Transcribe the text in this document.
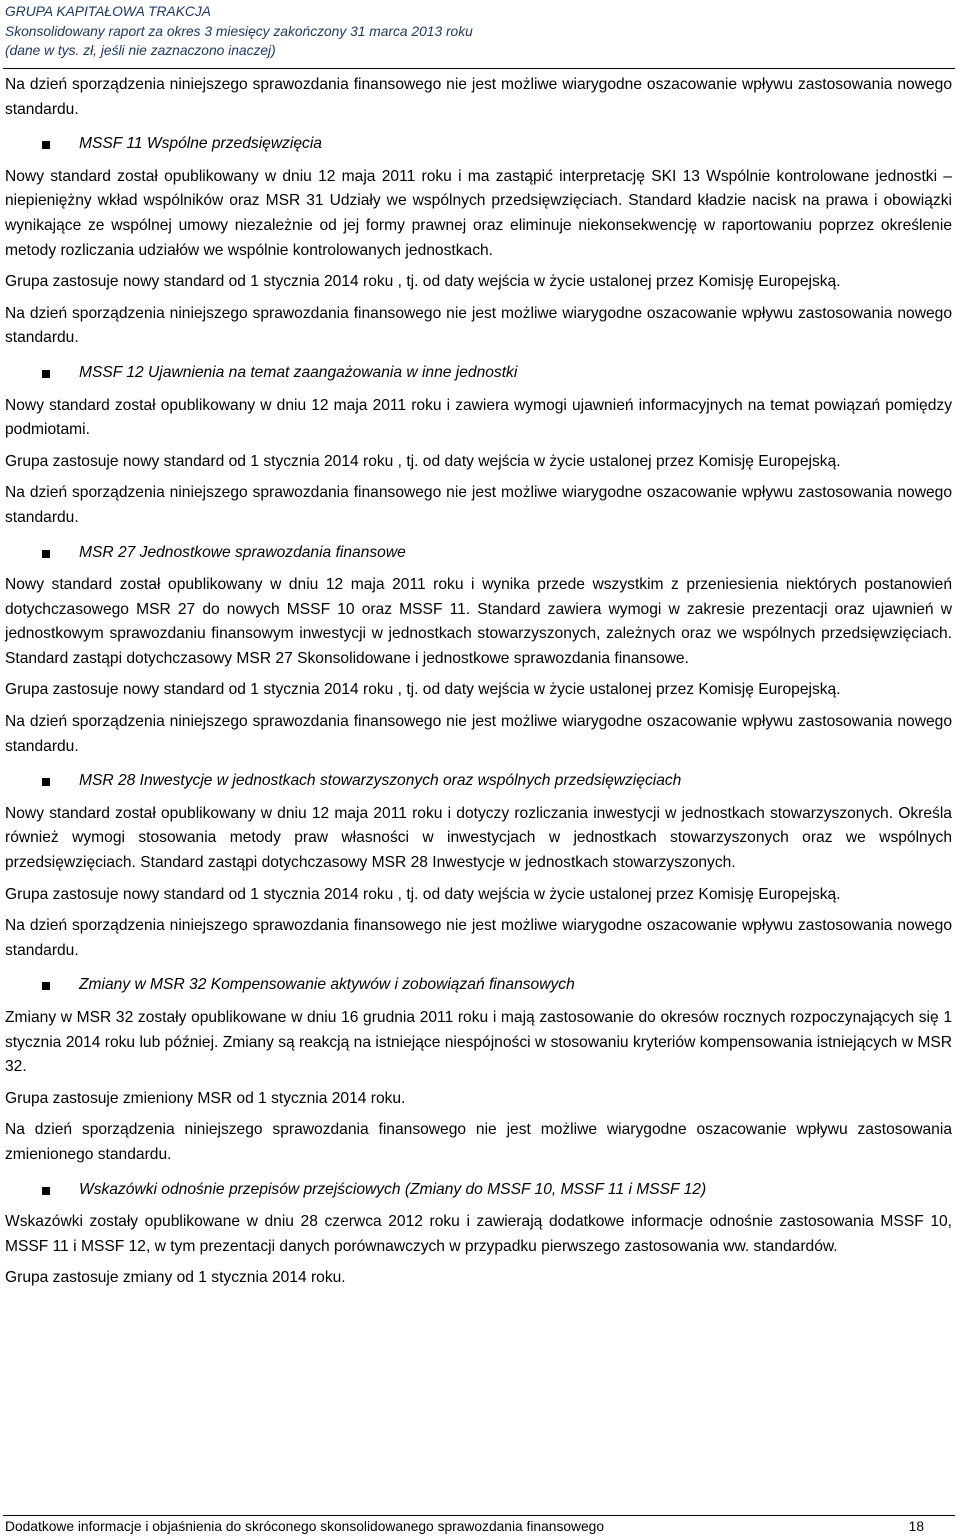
GRUPA KAPITAŁOWA TRAKCJA
Skonsolidowany raport za okres 3 miesięcy zakończony 31 marca 2013 roku
(dane w tys. zł, jeśli nie zaznaczono inaczej)

Na dzień sporządzenia niniejszego sprawozdania finansowego nie jest możliwe wiarygodne oszacowanie wpływu zastosowania nowego standardu.

MSSF 11 Wspólne przedsięwzięcia

Nowy standard został opublikowany w dniu 12 maja 2011 roku i ma zastąpić interpretację SKI 13 Wspólnie kontrolowane jednostki – niepieniężny wkład wspólników oraz MSR 31 Udziały we wspólnych przedsięwzięciach. Standard kładzie nacisk na prawa i obowiązki wynikające ze wspólnej umowy niezależnie od jej formy prawnej oraz eliminuje niekonsekwencję w raportowaniu poprzez określenie metody rozliczania udziałów we wspólnie kontrolowanych jednostkach.

Grupa zastosuje nowy standard od 1 stycznia 2014 roku , tj. od daty wejścia w życie ustalonej przez Komisję Europejską.

Na dzień sporządzenia niniejszego sprawozdania finansowego nie jest możliwe wiarygodne oszacowanie wpływu zastosowania nowego standardu.

MSSF 12 Ujawnienia na temat zaangażowania w inne jednostki

Nowy standard został opublikowany w dniu 12 maja 2011 roku i zawiera wymogi ujawnień informacyjnych na temat powiązań pomiędzy podmiotami.

Grupa zastosuje nowy standard od 1 stycznia 2014 roku , tj. od daty wejścia w życie ustalonej przez Komisję Europejską.

Na dzień sporządzenia niniejszego sprawozdania finansowego nie jest możliwe wiarygodne oszacowanie wpływu zastosowania nowego standardu.

MSR 27 Jednostkowe sprawozdania finansowe

Nowy standard został opublikowany w dniu 12 maja 2011 roku i wynika przede wszystkim z przeniesienia niektórych postanowień dotychczasowego MSR 27 do nowych MSSF 10 oraz MSSF 11. Standard zawiera wymogi w zakresie prezentacji oraz ujawnień w jednostkowym sprawozdaniu finansowym inwestycji w jednostkach stowarzyszonych, zależnych oraz we wspólnych przedsięwzięciach. Standard zastąpi dotychczasowy MSR 27 Skonsolidowane i jednostkowe sprawozdania finansowe.

Grupa zastosuje nowy standard od 1 stycznia 2014 roku , tj. od daty wejścia w życie ustalonej przez Komisję Europejską.

Na dzień sporządzenia niniejszego sprawozdania finansowego nie jest możliwe wiarygodne oszacowanie wpływu zastosowania nowego standardu.

MSR 28 Inwestycje w jednostkach stowarzyszonych oraz wspólnych przedsięwzięciach

Nowy standard został opublikowany w dniu 12 maja 2011 roku i dotyczy rozliczania inwestycji w jednostkach stowarzyszonych. Określa również wymogi stosowania metody praw własności w inwestycjach w jednostkach stowarzyszonych oraz we wspólnych przedsięwzięciach. Standard zastąpi dotychczasowy MSR 28 Inwestycje w jednostkach stowarzyszonych.

Grupa zastosuje nowy standard od 1 stycznia 2014 roku , tj. od daty wejścia w życie ustalonej przez Komisję Europejską.

Na dzień sporządzenia niniejszego sprawozdania finansowego nie jest możliwe wiarygodne oszacowanie wpływu zastosowania nowego standardu.

Zmiany w MSR 32 Kompensowanie aktywów i zobowiązań finansowych

Zmiany w MSR 32 zostały opublikowane w dniu 16 grudnia 2011 roku i mają zastosowanie do okresów rocznych rozpoczynających się 1 stycznia 2014 roku lub później. Zmiany są reakcją na istniejące niespójności w stosowaniu kryteriów kompensowania istniejących w MSR 32.

Grupa zastosuje zmieniony MSR od 1 stycznia 2014 roku.

Na dzień sporządzenia niniejszego sprawozdania finansowego nie jest możliwe wiarygodne oszacowanie wpływu zastosowania zmienionego standardu.

Wskazówki odnośnie przepisów przejściowych (Zmiany do MSSF 10, MSSF 11 i MSSF 12)

Wskazówki zostały opublikowane w dniu 28 czerwca 2012 roku i zawierają dodatkowe informacje odnośnie zastosowania MSSF 10, MSSF 11 i MSSF 12, w tym prezentacji danych porównawczych w przypadku pierwszego zastosowania ww. standardów.

Grupa zastosuje zmiany od 1 stycznia 2014 roku.

Dodatkowe informacje i objaśnienia do skróconego skonsolidowanego sprawozdania finansowego	18
